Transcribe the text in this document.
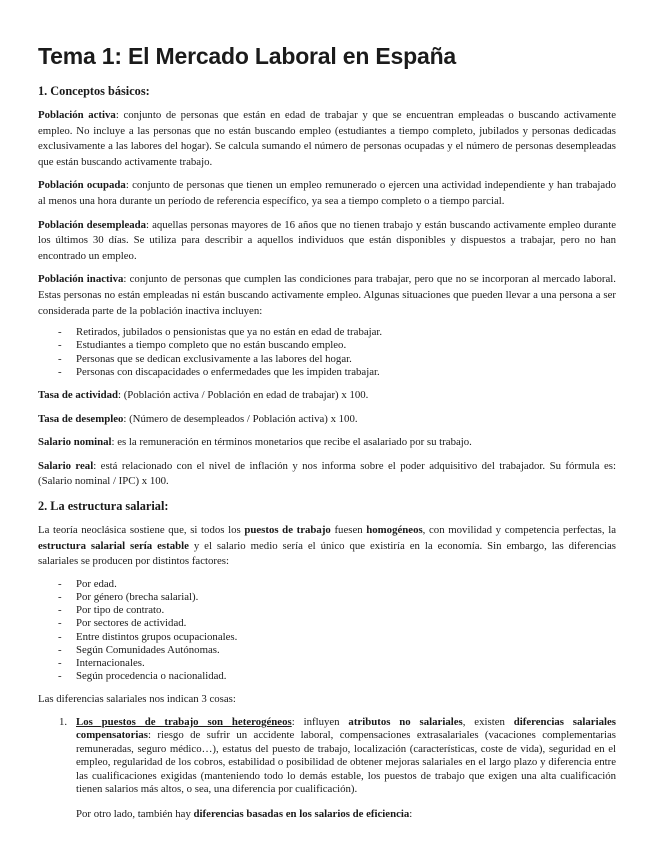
Tema 1: El Mercado Laboral en España
1. Conceptos básicos:

Población activa: conjunto de personas que están en edad de trabajar y que se encuentran empleadas o buscando activamente empleo. No incluye a las personas que no están buscando empleo (estudiantes a tiempo completo, jubilados y personas dedicadas exclusivamente a las labores del hogar). Se calcula sumando el número de personas ocupadas y el número de personas desempleadas que están buscando activamente trabajo.

Población ocupada: conjunto de personas que tienen un empleo remunerado o ejercen una actividad independiente y han trabajado al menos una hora durante un período de referencia específico, ya sea a tiempo completo o a tiempo parcial.

Población desempleada: aquellas personas mayores de 16 años que no tienen trabajo y están buscando activamente empleo durante los últimos 30 días. Se utiliza para describir a aquellos individuos que están disponibles y dispuestos a trabajar, pero no han encontrado un empleo.

Población inactiva: conjunto de personas que cumplen las condiciones para trabajar, pero que no se incorporan al mercado laboral. Estas personas no están empleadas ni están buscando activamente empleo. Algunas situaciones que pueden llevar a una persona a ser considerada parte de la población inactiva incluyen:

- Retirados, jubilados o pensionistas que ya no están en edad de trabajar.
- Estudiantes a tiempo completo que no están buscando empleo.
- Personas que se dedican exclusivamente a las labores del hogar.
- Personas con discapacidades o enfermedades que les impiden trabajar.

Tasa de actividad: (Población activa / Población en edad de trabajar) x 100.

Tasa de desempleo: (Número de desempleados / Población activa) x 100.

Salario nominal: es la remuneración en términos monetarios que recibe el asalariado por su trabajo.

Salario real: está relacionado con el nivel de inflación y nos informa sobre el poder adquisitivo del trabajador. Su fórmula es: (Salario nominal / IPC) x 100.

2. La estructura salarial:

La teoría neoclásica sostiene que, si todos los puestos de trabajo fuesen homogéneos, con movilidad y competencia perfectas, la estructura salarial sería estable y el salario medio sería el único que existiría en la economía. Sin embargo, las diferencias salariales se producen por distintos factores:

- Por edad.
- Por género (brecha salarial).
- Por tipo de contrato.
- Por sectores de actividad.
- Entre distintos grupos ocupacionales.
- Según Comunidades Autónomas.
- Internacionales.
- Según procedencia o nacionalidad.

Las diferencias salariales nos indican 3 cosas:

1. Los puestos de trabajo son heterogéneos: influyen atributos no salariales, existen diferencias salariales compensatorias: riesgo de sufrir un accidente laboral, compensaciones extrasalariales (vacaciones complementarias remuneradas, seguro médico…), estatus del puesto de trabajo, localización (características, coste de vida), seguridad en el empleo, regularidad de los cobros, estabilidad o posibilidad de obtener mejoras salariales en el largo plazo y diferencia entre las cualificaciones exigidas (manteniendo todo lo demás estable, los puestos de trabajo que exigen una alta cualificación tienen salarios más altos, o sea, una diferencia por cualificación).
Por otro lado, también hay diferencias basadas en los salarios de eficiencia:
